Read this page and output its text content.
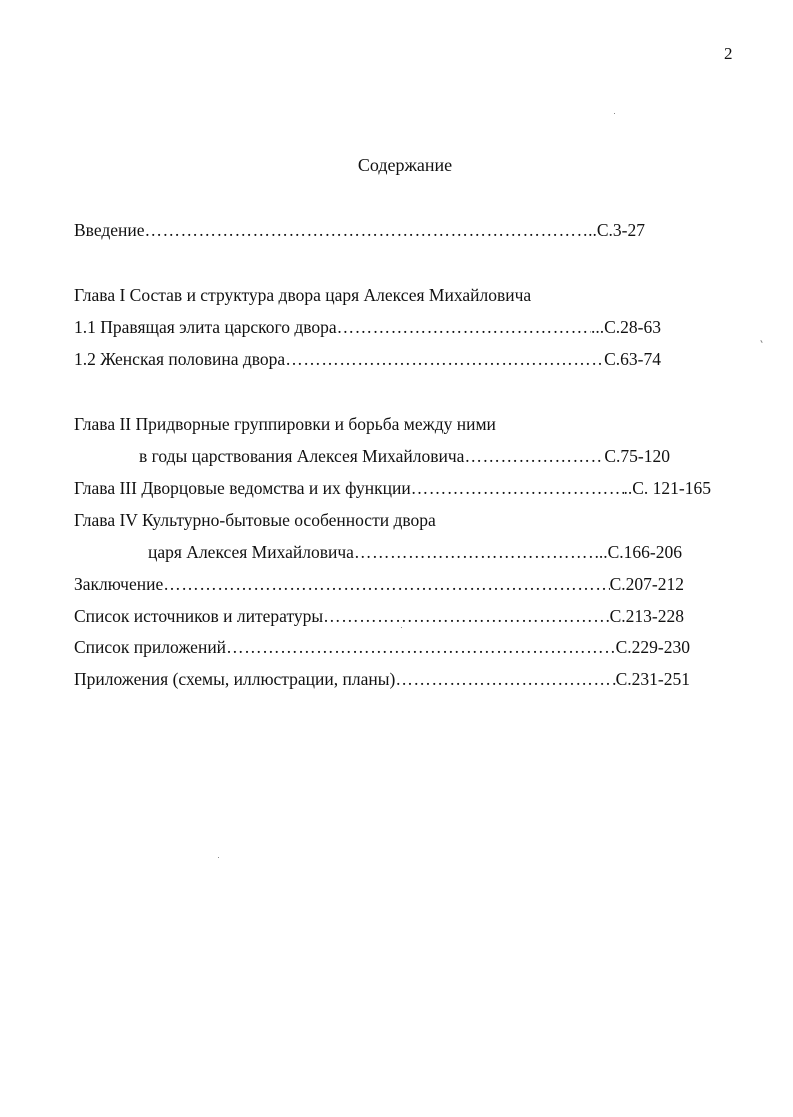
2
Содержание
Введение ………………………………………………………………………………………………………………………………………………………	..С.3-27
Глава I Состав и структура двора царя Алексея Михайловича
1.1 Правящая элита царского двора ………………………………………………………………………………………………………………………………………………………	...С.28-63
1.2 Женская половина двора ………………………………………………………………………………………………………………………………………………………	С.63-74
Глава II Придворные группировки и борьба между ними
в годы царствования Алексея Михайловича ………………………………………………………………………………………………………………………………………………………	С.75-120
Глава III Дворцовые ведомства и их функции ………………………………………………………………………………………………………………………………………………………	..С. 121-165
Глава IV Культурно-бытовые особенности двора
царя Алексея Михайловича ………………………………………………………………………………………………………………………………………………………	..С.166-206
Заключение ………………………………………………………………………………………………………………………………………………………	С.207-212
Список источников и литературы ………………………………………………………………………………………………………………………………………………………	С.213-228
Список приложений ………………………………………………………………………………………………………………………………………………………	С.229-230
Приложения (схемы, иллюстрации, планы) ………………………………………………………………………………………………………………………………………………………	С.231-251
